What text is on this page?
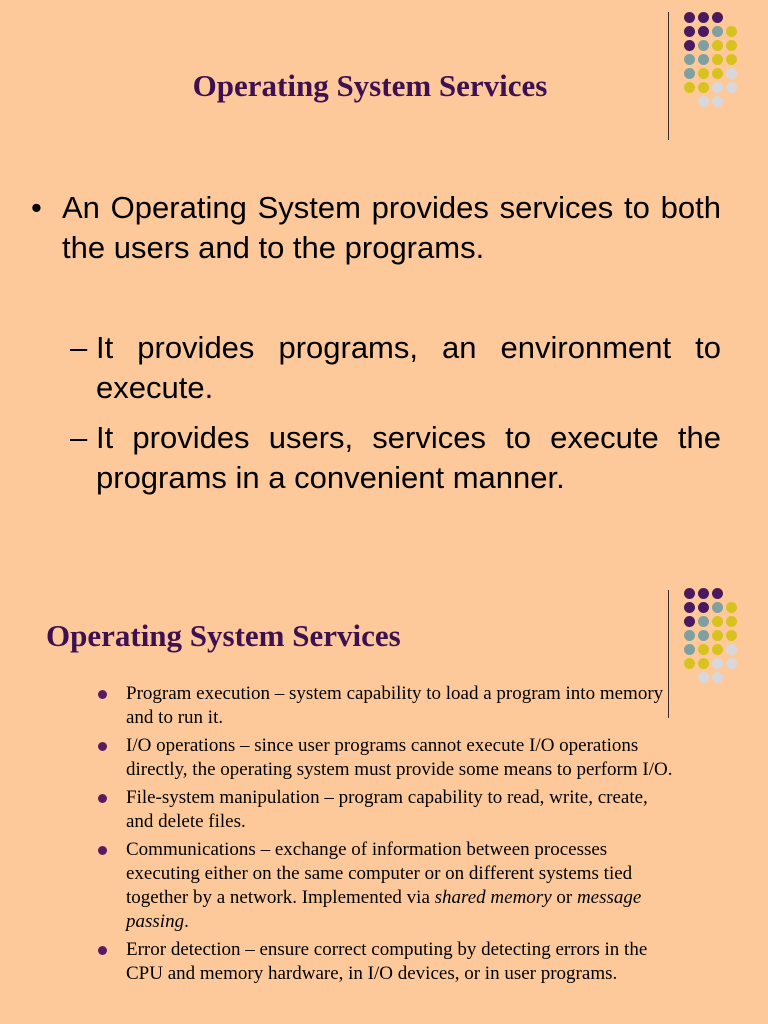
Operating System Services
• An Operating System provides services to both the users and to the programs.
– It provides programs, an environment to execute.
– It provides users, services to execute the programs in a convenient manner.
Operating System Services
Program execution – system capability to load a program into memory and to run it.
I/O operations – since user programs cannot execute I/O operations directly, the operating system must provide some means to perform I/O.
File-system manipulation – program capability to read, write, create, and delete files.
Communications – exchange of information between processes executing either on the same computer or on different systems tied together by a network. Implemented via shared memory or message passing.
Error detection – ensure correct computing by detecting errors in the CPU and memory hardware, in I/O devices, or in user programs.
